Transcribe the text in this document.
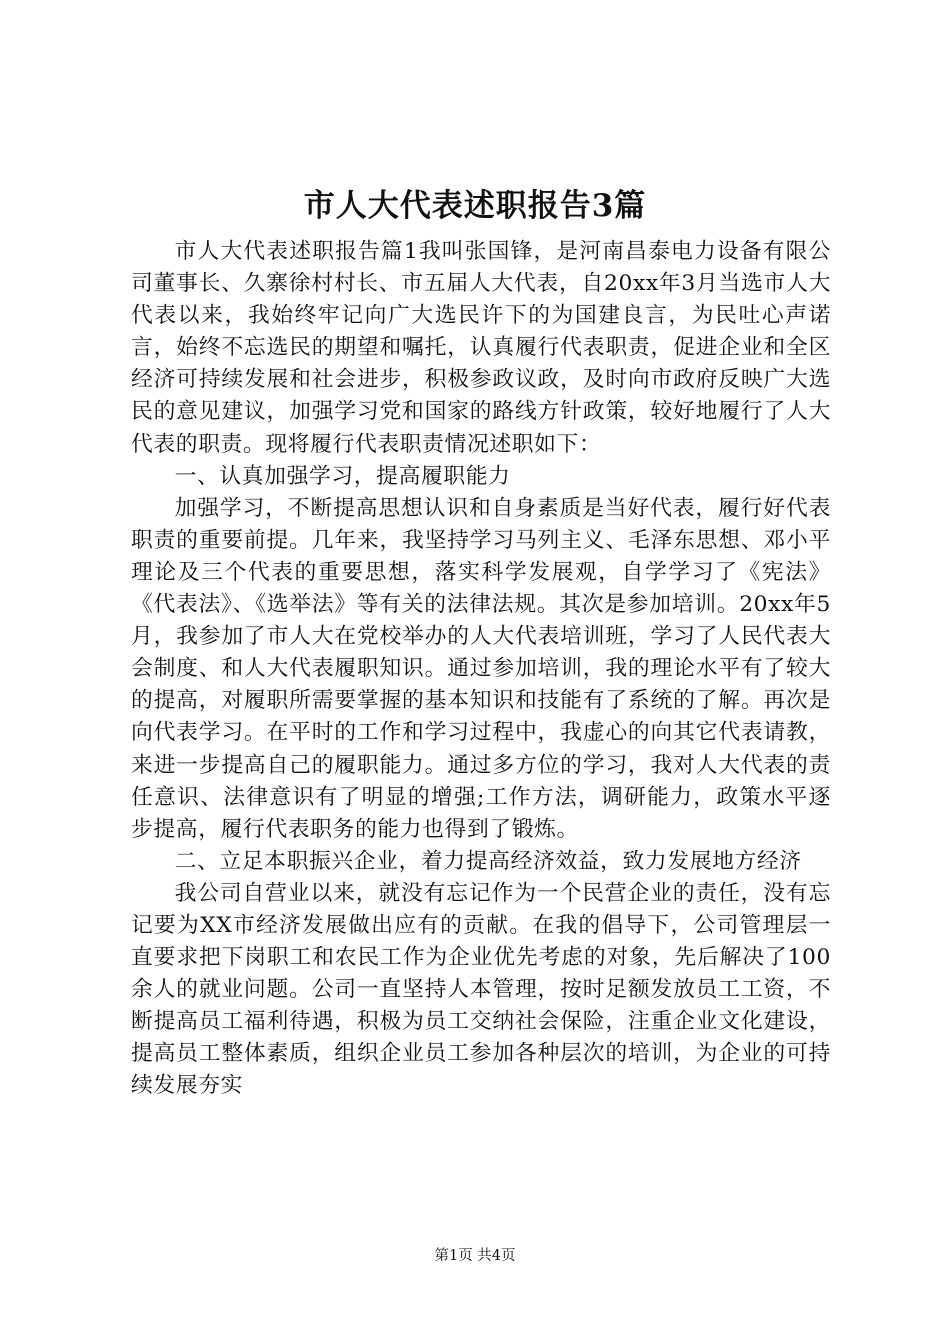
市人大代表述职报告3篇

市人大代表述职报告篇1我叫张国锋，是河南昌泰电力设备有限公司董事长、久寨徐村村长、市五届人大代表，自20xx年3月当选市人大代表以来，我始终牢记向广大选民许下的为国建良言，为民吐心声诺言，始终不忘选民的期望和嘱托，认真履行代表职责，促进企业和全区经济可持续发展和社会进步，积极参政议政，及时向市政府反映广大选民的意见建议，加强学习党和国家的路线方针政策，较好地履行了人大代表的职责。现将履行代表职责情况述职如下：

一、认真加强学习，提高履职能力

加强学习，不断提高思想认识和自身素质是当好代表，履行好代表职责的重要前提。几年来，我坚持学习马列主义、毛泽东思想、邓小平理论及三个代表的重要思想，落实科学发展观，自学学习了《宪法》《代表法》、《选举法》等有关的法律法规。其次是参加培训。20xx年5月，我参加了市人大在党校举办的人大代表培训班，学习了人民代表大会制度、和人大代表履职知识。通过参加培训，我的理论水平有了较大的提高，对履职所需要掌握的基本知识和技能有了系统的了解。再次是向代表学习。在平时的工作和学习过程中，我虚心的向其它代表请教，来进一步提高自己的履职能力。通过多方位的学习，我对人大代表的责任意识、法律意识有了明显的增强;工作方法，调研能力，政策水平逐步提高，履行代表职务的能力也得到了锻炼。

二、立足本职振兴企业，着力提高经济效益，致力发展地方经济

我公司自营业以来，就没有忘记作为一个民营企业的责任，没有忘记要为XX市经济发展做出应有的贡献。在我的倡导下，公司管理层一直要求把下岗职工和农民工作为企业优先考虑的对象，先后解决了100余人的就业问题。公司一直坚持人本管理，按时足额发放员工工资，不断提高员工福利待遇，积极为员工交纳社会保险，注重企业文化建设，提高员工整体素质，组织企业员工参加各种层次的培训，为企业的可持续发展夯实

第1页 共4页
